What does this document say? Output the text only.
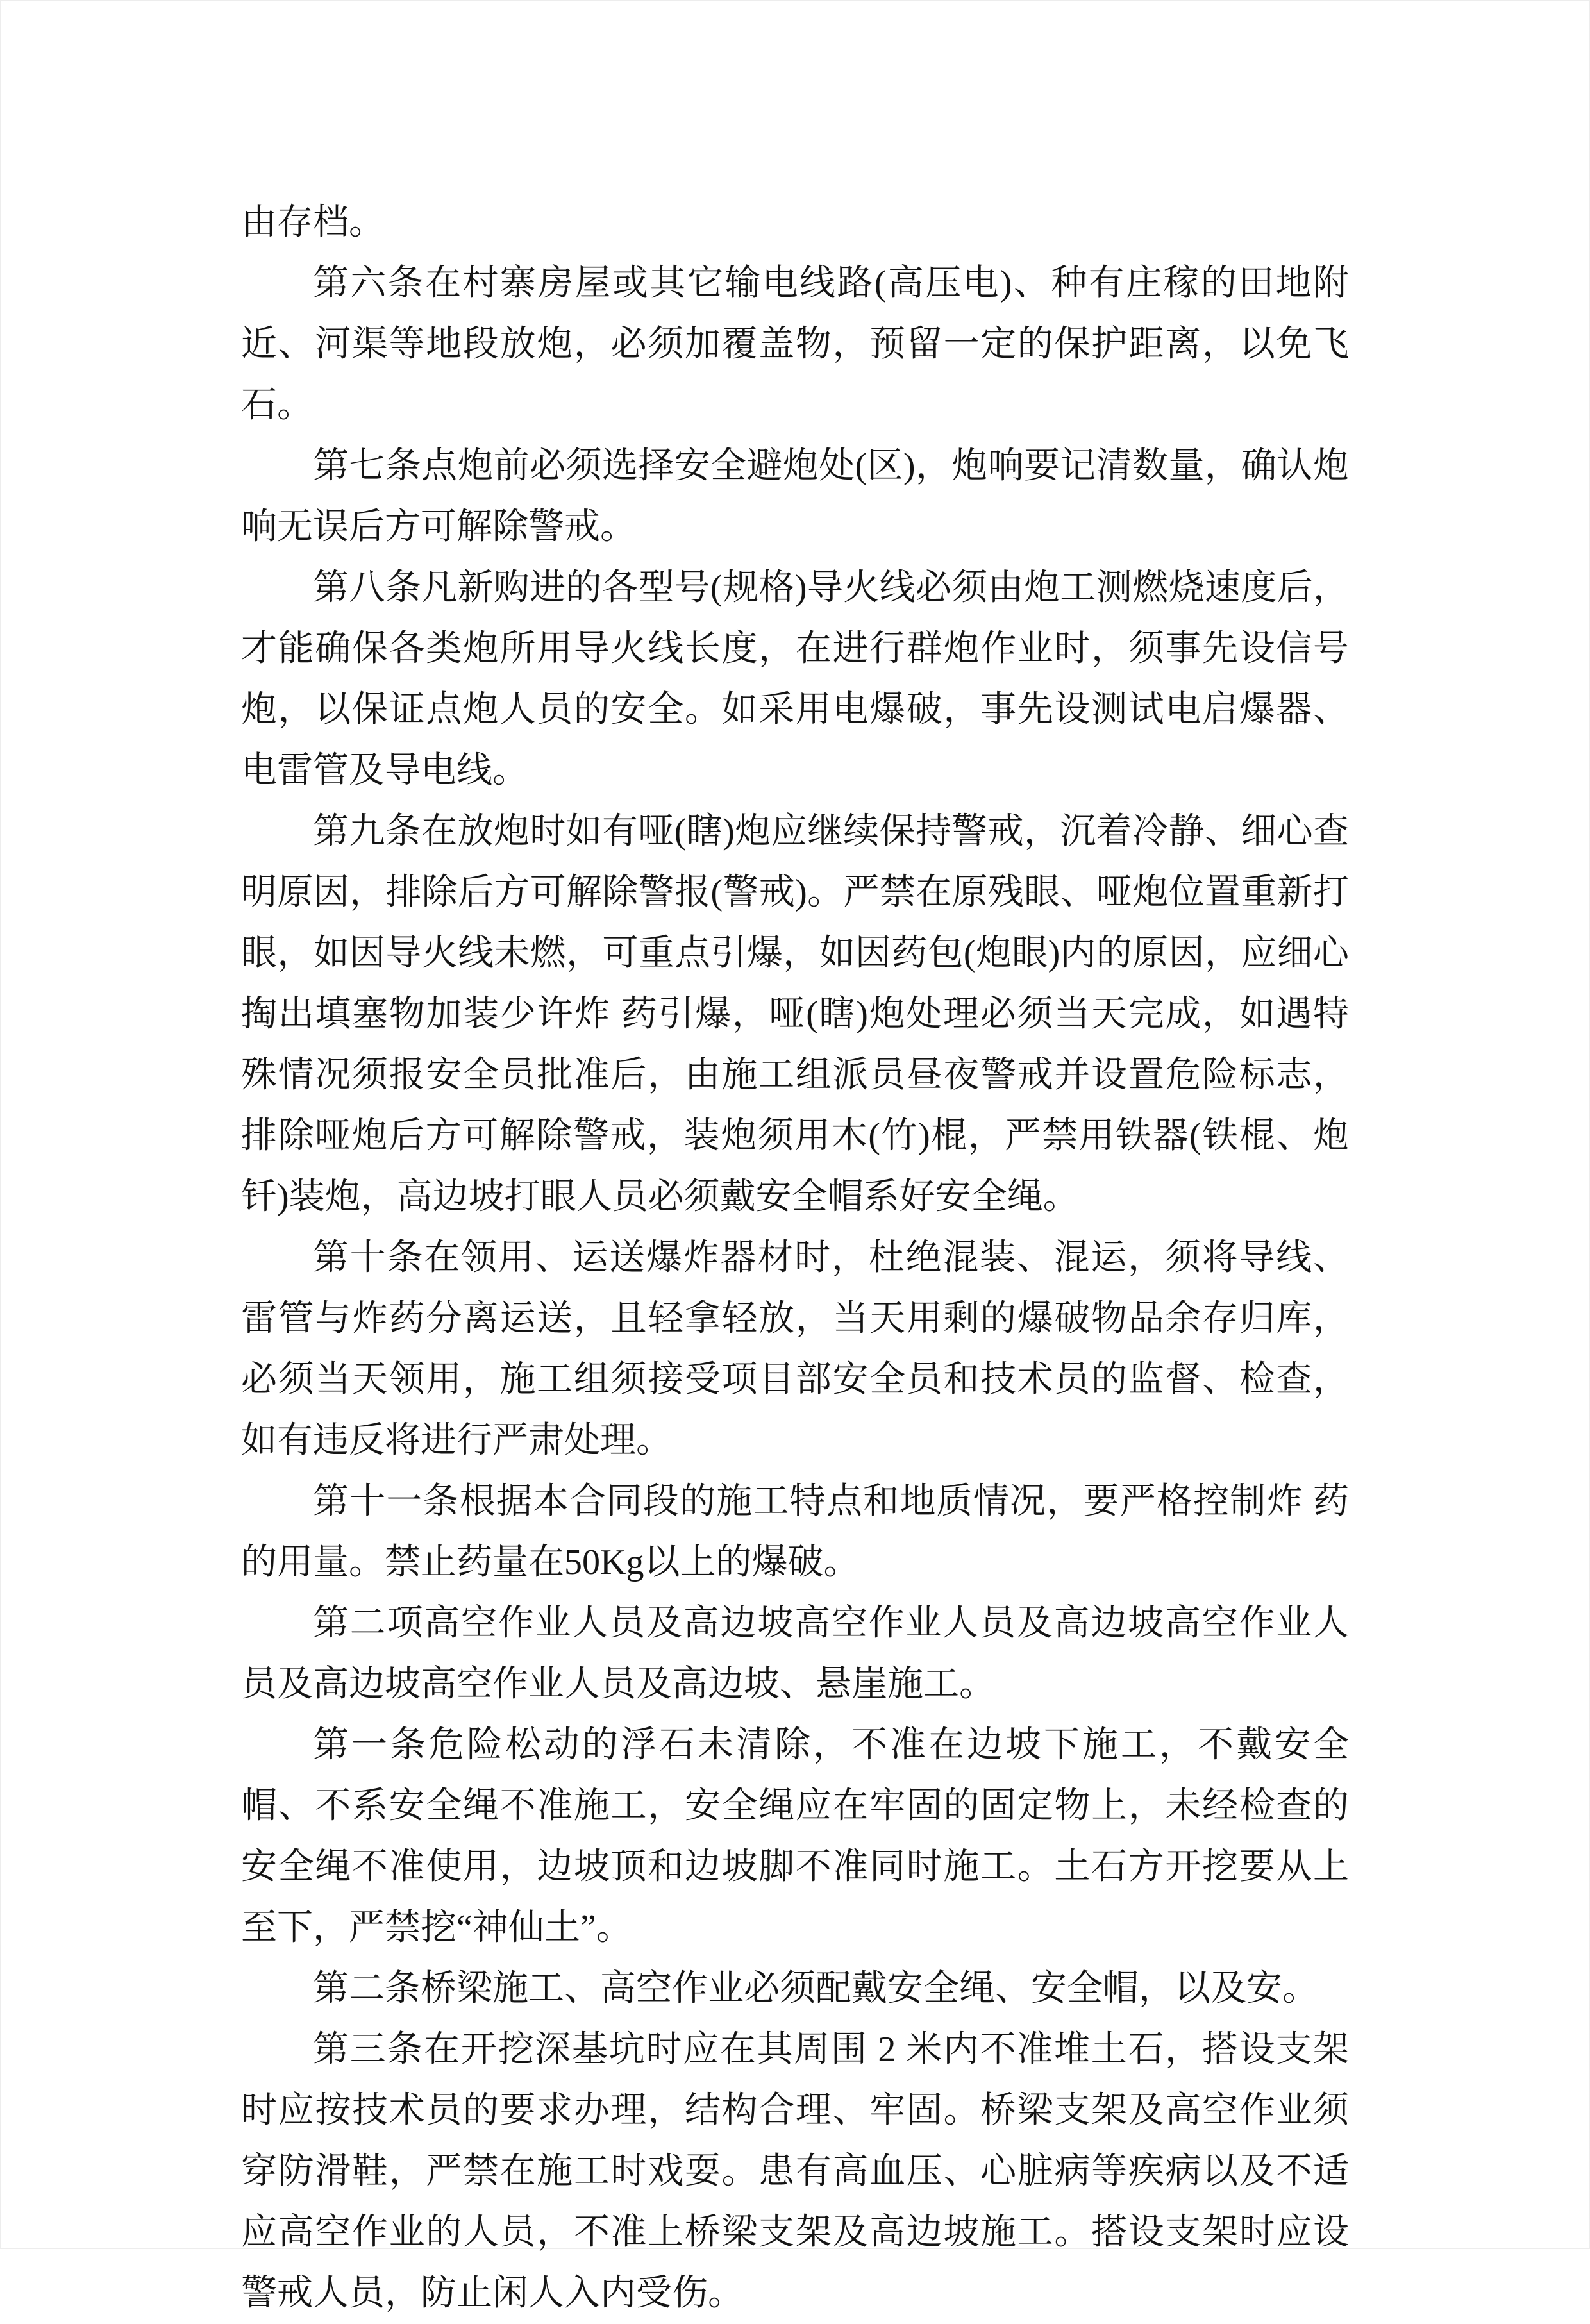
由存档。

第六条在村寨房屋或其它输电线路(高压电)、种有庄稼的田地附近、河渠等地段放炮，必须加覆盖物，预留一定的保护距离，以免飞石。

第七条点炮前必须选择安全避炮处(区)，炮响要记清数量，确认炮响无误后方可解除警戒。

第八条凡新购进的各型号(规格)导火线必须由炮工测燃烧速度后，才能确保各类炮所用导火线长度，在进行群炮作业时，须事先设信号炮，以保证点炮人员的安全。如采用电爆破，事先设测试电启爆器、电雷管及导电线。

第九条在放炮时如有哑(瞎)炮应继续保持警戒，沉着冷静、细心查明原因，排除后方可解除警报(警戒)。严禁在原残眼、哑炮位置重新打眼，如因导火线未燃，可重点引爆，如因药包(炮眼)内的原因，应细心掏出填塞物加装少许炸 药引爆，哑(瞎)炮处理必须当天完成，如遇特殊情况须报安全员批准后，由施工组派员昼夜警戒并设置危险标志，排除哑炮后方可解除警戒，装炮须用木(竹)棍，严禁用铁器(铁棍、炮钎)装炮，高边坡打眼人员必须戴安全帽系好安全绳。

第十条在领用、运送爆炸器材时，杜绝混装、混运，须将导线、雷管与炸药分离运送，且轻拿轻放，当天用剩的爆破物品余存归库，必须当天领用，施工组须接受项目部安全员和技术员的监督、检查，如有违反将进行严肃处理。

第十一条根据本合同段的施工特点和地质情况，要严格控制炸 药的用量。禁止药量在50Kg以上的爆破。

第二项高空作业人员及高边坡高空作业人员及高边坡高空作业人员及高边坡高空作业人员及高边坡、悬崖施工。

第一条危险松动的浮石未清除，不准在边坡下施工，不戴安全帽、不系安全绳不准施工，安全绳应在牢固的固定物上，未经检查的安全绳不准使用，边坡顶和边坡脚不准同时施工。土石方开挖要从上至下，严禁挖“神仙土”。

第二条桥梁施工、高空作业必须配戴安全绳、安全帽，以及安。

第三条在开挖深基坑时应在其周围 2 米内不准堆土石，搭设支架时应按技术员的要求办理，结构合理、牢固。桥梁支架及高空作业须穿防滑鞋，严禁在施工时戏耍。患有高血压、心脏病等疾病以及不适应高空作业的人员，不准上桥梁支架及高边坡施工。搭设支架时应设警戒人员，防止闲人入内受伤。
